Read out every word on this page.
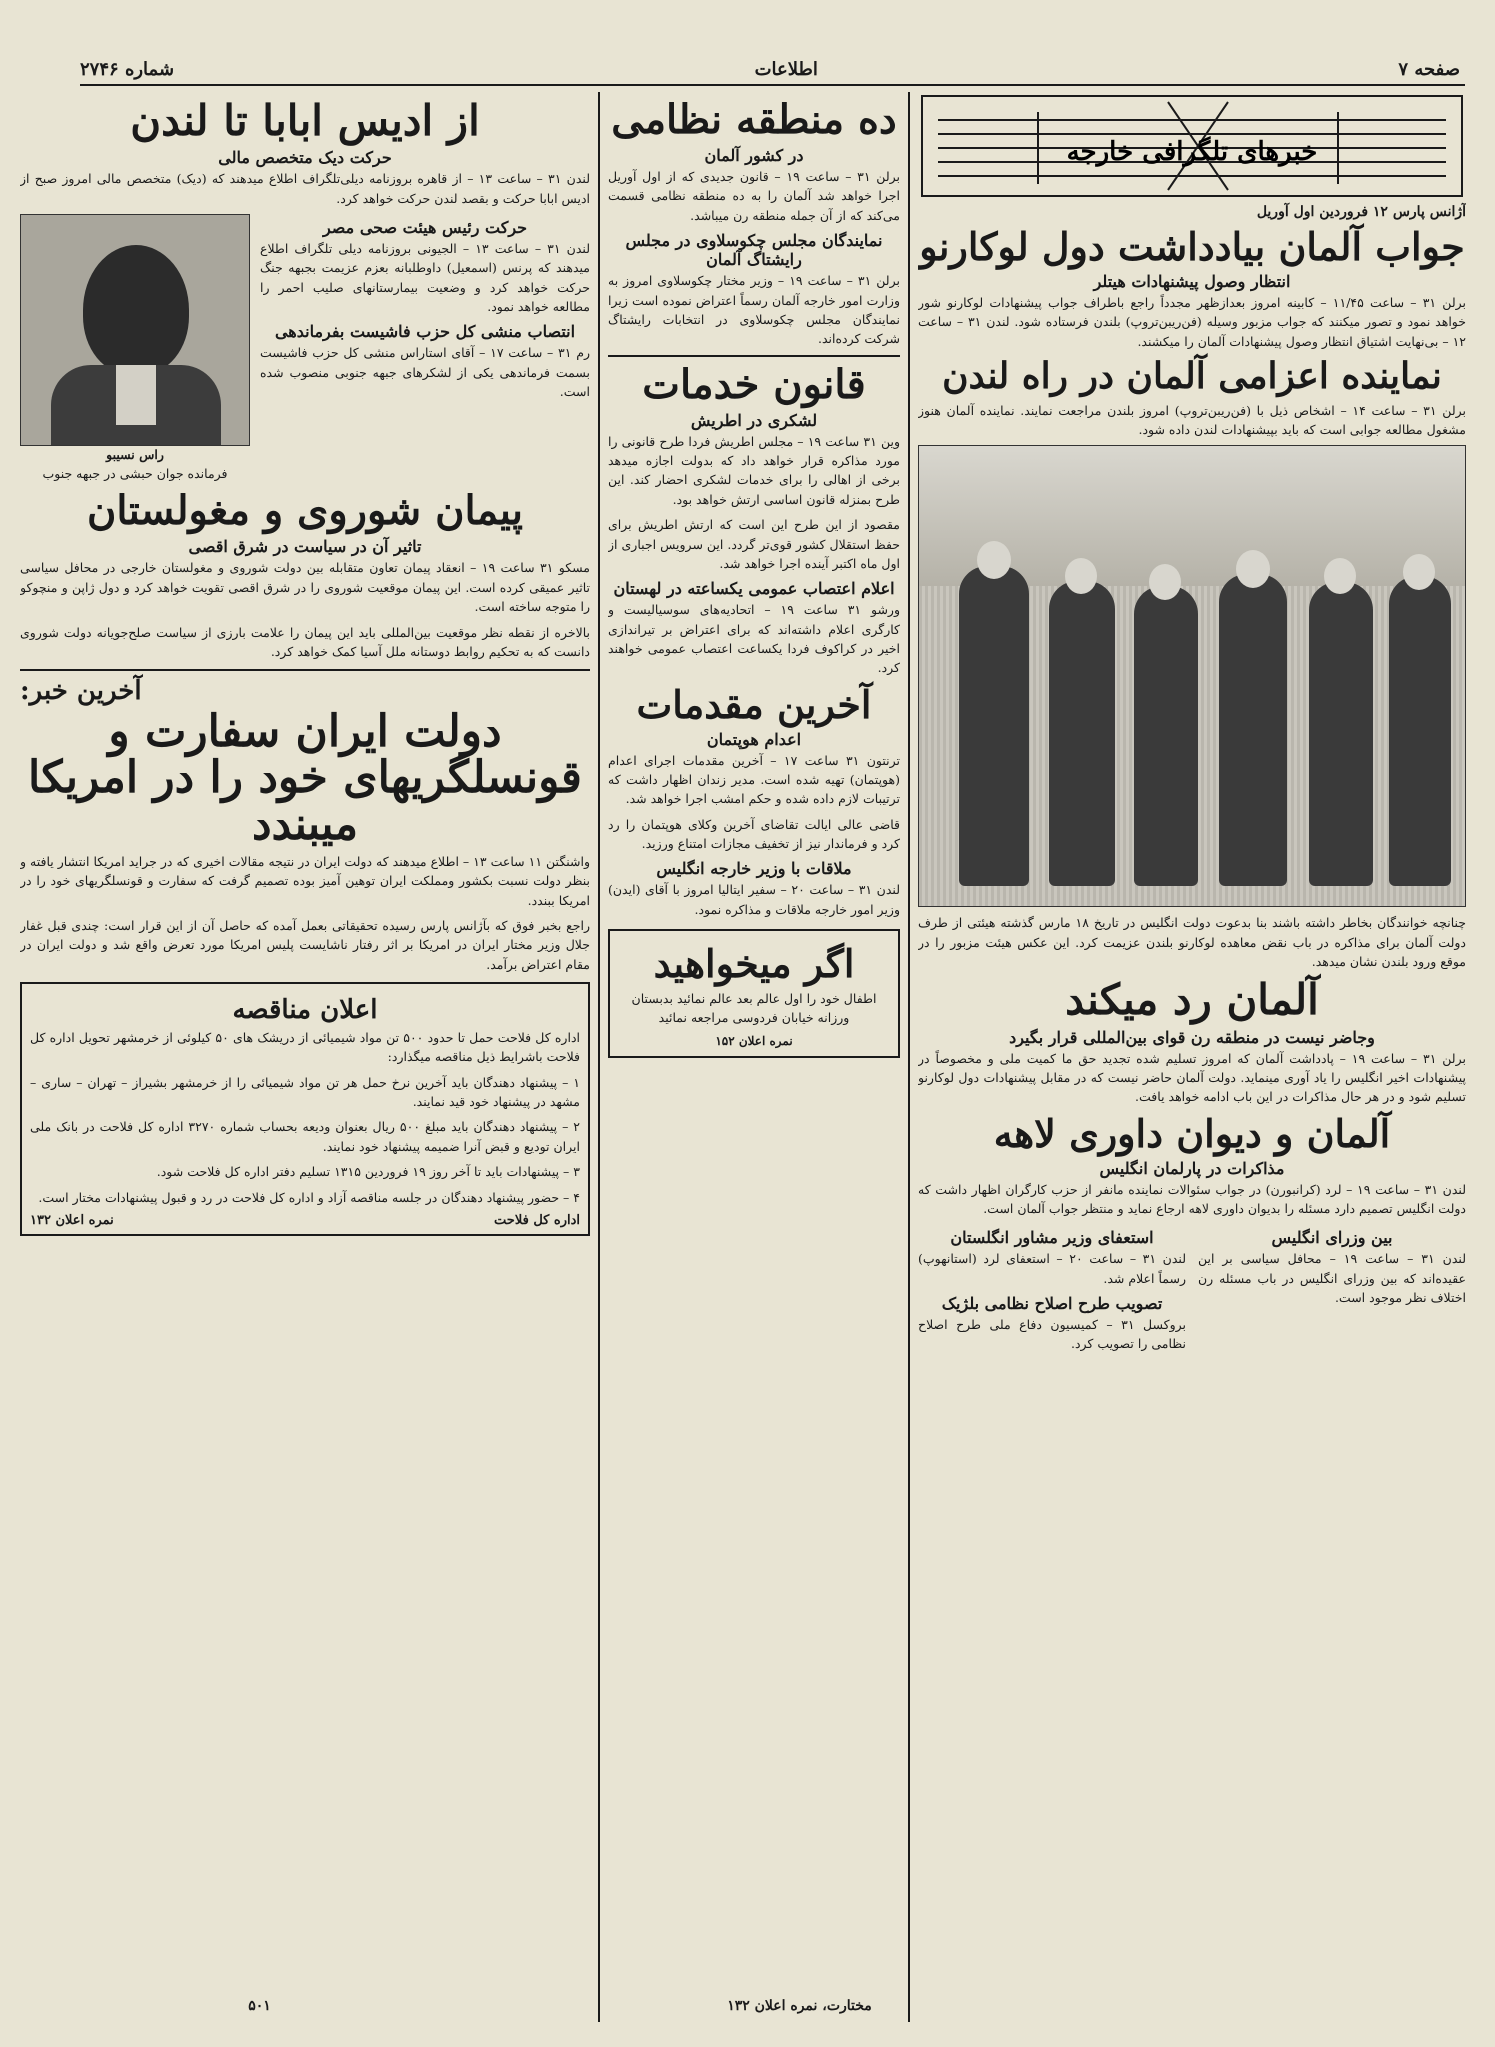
صفحه ۷
اطلاعات
شماره ۲۷۴۶
خبرهای تلگرافی خارجه
آژانس پارس ۱۲ فروردین اول آوریل
جواب آلمان بیادداشت دول لوکارنو
انتظار وصول پیشنهادات هیتلر

برلن ۳۱ – ساعت ۱۱/۴۵ – کابینه امروز بعدازظهر مجدداً راجع باطراف جواب پیشنهادات لوکارنو شور خواهد نمود و تصور میکنند که جواب مزبور وسیله (فن‌ریبن‌تروپ) بلندن فرستاده شود. لندن ۳۱ – ساعت ۱۲ – بی‌نهایت اشتیاق انتظار وصول پیشنهادات آلمان را میکشند.

نماینده اعزامی آلمان در راه لندن

برلن ۳۱ – ساعت ۱۴ – اشخاص ذیل با (فن‌ریبن‌تروپ) امروز بلندن مراجعت نمایند. نماینده آلمان هنوز مشغول مطالعه جوابی است که باید بپیشنهادات لندن داده شود.

چنانچه خوانندگان بخاطر داشته باشند بنا بدعوت دولت انگلیس در تاریخ ۱۸ مارس گذشته هیئتی از طرف دولت آلمان برای مذاکره در باب نقض معاهده لوکارنو بلندن عزیمت کرد. این عکس هیئت مزبور را در موقع ورود بلندن نشان میدهد.

آلمان رد میکند
وجاضر نیست در منطقه رن قوای بین‌المللی قرار بگیرد

برلن ۳۱ – ساعت ۱۹ – پادداشت آلمان که امروز تسلیم شده تجدید حق ما کمیت ملی و مخصوصاً در پیشنهادات اخیر انگلیس را یاد آوری مینماید. دولت آلمان حاضر نیست که در مقابل پیشنهادات دول لوکارنو تسلیم شود و در هر حال مذاکرات در این باب ادامه خواهد یافت.

آلمان و دیوان داوری لاهه
مذاکرات در پارلمان انگلیس

لندن ۳۱ – ساعت ۱۹ – لرد (کرانبورن) در جواب سئوالات نماینده مانفر از حزب کارگران اظهار داشت که دولت انگلیس تصمیم دارد مسئله را بدیوان داوری لاهه ارجاع نماید و منتظر جواب آلمان است.

بین وزرای انگلیس

لندن ۳۱ – ساعت ۱۹ – محافل سیاسی بر این عقیده‌اند که بین وزرای انگلیس در باب مسئله رن اختلاف نظر موجود است.

استعفای وزیر مشاور انگلستان

لندن ۳۱ – ساعت ۲۰ – استعفای لرد (استانهوپ) رسماً اعلام شد.

تصویب طرح اصلاح نظامی بلژیک

بروکسل ۳۱ – کمیسیون دفاع ملی طرح اصلاح نظامی را تصویب کرد.

ده منطقه نظامی
در کشور آلمان

برلن ۳۱ – ساعت ۱۹ – قانون جدیدی که از اول آوریل اجرا خواهد شد آلمان را به ده منطقه نظامی قسمت می‌کند که از آن جمله منطقه رن میباشد.

نمایندگان مجلس چکوسلاوی در مجلس رایشتاگ آلمان

برلن ۳۱ – ساعت ۱۹ – وزیر مختار چکوسلاوی امروز به وزارت امور خارجه آلمان رسماً اعتراض نموده است زیرا نمایندگان مجلس چکوسلاوی در انتخابات رایشتاگ شرکت کرده‌اند.

قانون خدمات
لشکری در اطریش

وین ۳۱ ساعت ۱۹ – مجلس اطریش فردا طرح قانونی را مورد مذاکره قرار خواهد داد که بدولت اجازه میدهد برخی از اهالی را برای خدمات لشکری احضار کند. این طرح بمنزله قانون اساسی ارتش خواهد بود.

مقصود از این طرح این است که ارتش اطریش برای حفظ استقلال کشور قوی‌تر گردد. این سرویس اجباری از اول ماه اکتبر آینده اجرا خواهد شد.

اعلام اعتصاب عمومی یکساعته در لهستان

ورشو ۳۱ ساعت ۱۹ – اتحادیه‌های سوسیالیست و کارگری اعلام داشته‌اند که برای اعتراض بر تیراندازی اخیر در کراکوف فردا یکساعت اعتصاب عمومی خواهند کرد.

آخرین مقدمات
اعدام هوپتمان

ترنتون ۳۱ ساعت ۱۷ – آخرین مقدمات اجرای اعدام (هوپتمان) تهیه شده است. مدیر زندان اظهار داشت که ترتیبات لازم داده شده و حکم امشب اجرا خواهد شد.

قاضی عالی ایالت تقاضای آخرین وکلای هوپتمان را رد کرد و فرماندار نیز از تخفیف مجازات امتناع ورزید.

ملاقات با وزیر خارجه انگلیس

لندن ۳۱ – ساعت ۲۰ – سفیر ایتالیا امروز با آقای (ایدن) وزیر امور خارجه ملاقات و مذاکره نمود.

اگر میخواهید

اطفال خود را اول عالم بعد عالم نمائید بدبستان ورزانه خیابان فردوسی مراجعه نمائید

نمره اعلان ۱۵۲
از ادیس ابابا تا لندن
حرکت دیک متخصص مالی

لندن ۳۱ – ساعت ۱۳ – از قاهره بروزنامه دیلی‌تلگراف اطلاع میدهند که (دیک) متخصص مالی امروز صبح از ادیس ابابا حرکت و بقصد لندن حرکت خواهد کرد.

حرکت رئیس هیئت صحی مصر

لندن ۳۱ – ساعت ۱۳ – الجیونی بروزنامه دیلی تلگراف اطلاع میدهند که پرنس (اسمعیل) داوطلبانه بعزم عزیمت بجبهه جنگ حرکت خواهد کرد و وضعیت بیمارستانهای صلیب احمر را مطالعه خواهد نمود.

انتصاب منشی کل حزب فاشیست بفرماندهی

رم ۳۱ – ساعت ۱۷ – آقای استاراس منشی کل حزب فاشیست بسمت فرماندهی یکی از لشکرهای جبهه جنوبی منصوب شده است.

راس نسیبو
فرمانده جوان حبشی در جبهه جنوب
پیمان شوروی و مغولستان
تاثیر آن در سیاست در شرق اقصی

مسکو ۳۱ ساعت ۱۹ – انعقاد پیمان تعاون متقابله بین دولت شوروی و مغولستان خارجی در محافل سیاسی تاثیر عمیقی کرده است. این پیمان موقعیت شوروی را در شرق اقصی تقویت خواهد کرد و دول ژاپن و منچوکو را متوجه ساخته است.

بالاخره از نقطه نظر موقعیت بین‌المللی باید این پیمان را علامت بارزی از سیاست صلح‌جویانه دولت شوروی دانست که به تحکیم روابط دوستانه ملل آسیا کمک خواهد کرد.

آخرین خبر:
دولت ایران سفارت و قونسلگریهای خود را در امریکا میبندد

واشنگتن ۱۱ ساعت ۱۳ – اطلاع میدهند که دولت ایران در نتیجه مقالات اخیری که در جراید امریکا انتشار یافته و بنظر دولت نسبت بکشور ومملکت ایران توهین آمیز بوده تصمیم گرفت که سفارت و قونسلگریهای خود را در امریکا ببندد.

راجع بخبر فوق که بآژانس پارس رسیده تحقیقاتی بعمل آمده که حاصل آن از این قرار است: چندی قبل غفار جلال وزیر مختار ایران در امریکا بر اثر رفتار ناشایست پلیس امریکا مورد تعرض واقع شد و دولت ایران در مقام اعتراض برآمد.

اعلان مناقصه

اداره کل فلاحت حمل تا حدود ۵۰۰ تن مواد شیمیائی از دریشک های ۵۰ کیلوئی از خرمشهر تحویل اداره کل فلاحت باشرایط ذیل مناقصه میگذارد:

۱ – پیشنهاد دهندگان باید آخرین نرخ حمل هر تن مواد شیمیائی را از خرمشهر بشیراز – تهران – ساری – مشهد در پیشنهاد خود قید نمایند.

۲ – پیشنهاد دهندگان باید مبلغ ۵۰۰ ریال بعنوان ودیعه بحساب شماره ۳۲۷۰ اداره کل فلاحت در بانک ملی ایران تودیع و قبض آنرا ضمیمه پیشنهاد خود نمایند.

۳ – پیشنهادات باید تا آخر روز ۱۹ فروردین ۱۳۱۵ تسلیم دفتر اداره کل فلاحت شود.

۴ – حضور پیشنهاد دهندگان در جلسه مناقصه آزاد و اداره کل فلاحت در رد و قبول پیشنهادات مختار است.

اداره کل فلاحت
نمره اعلان ۱۳۲
مختارت، نمره اعلان ۱۳۲
۵۰۱
